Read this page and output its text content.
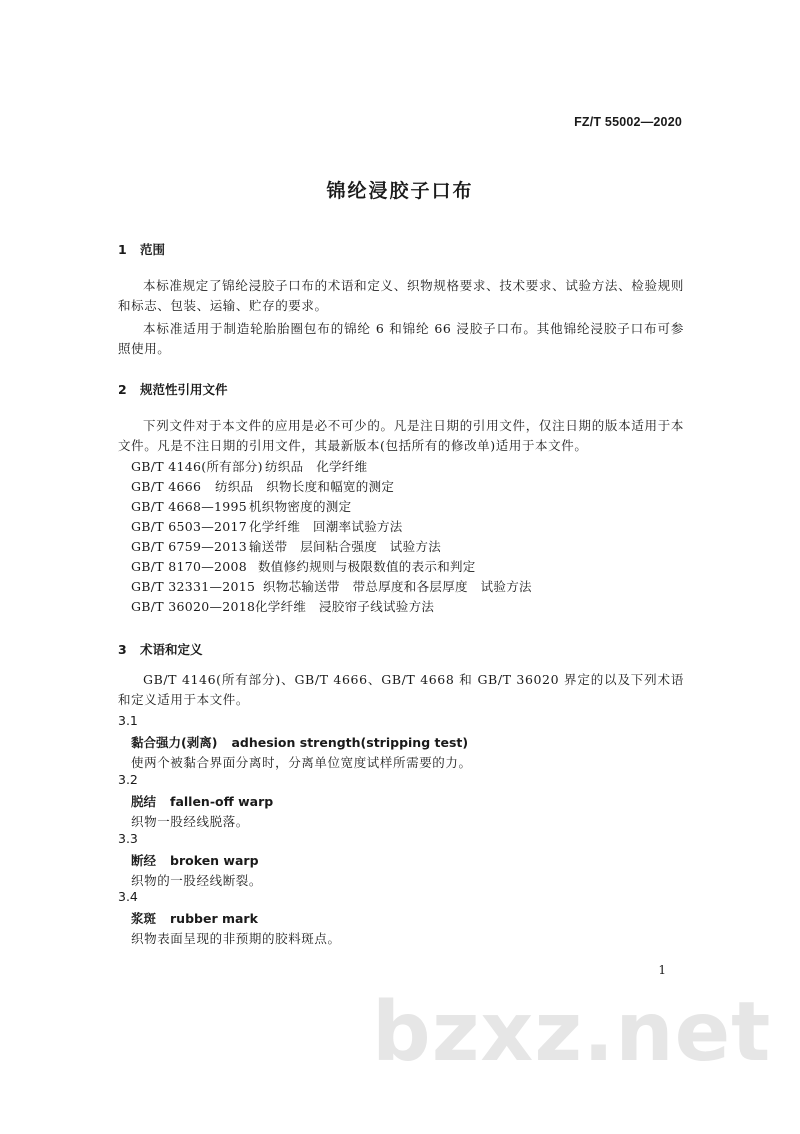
FZ/T 55002—2020
锦纶浸胶子口布
1 范围
本标准规定了锦纶浸胶子口布的术语和定义、织物规格要求、技术要求、试验方法、检验规则和标志、包装、运输、贮存的要求。
本标准适用于制造轮胎胎圈包布的锦纶 6 和锦纶 66 浸胶子口布。其他锦纶浸胶子口布可参照使用。
2 规范性引用文件
下列文件对于本文件的应用是必不可少的。凡是注日期的引用文件，仅注日期的版本适用于本文件。凡是不注日期的引用文件，其最新版本(包括所有的修改单)适用于本文件。
GB/T 4146(所有部分) 纺织品　化学纤维
GB/T 4666 纺织品　织物长度和幅宽的测定
GB/T 4668—1995 机织物密度的测定
GB/T 6503—2017 化学纤维　回潮率试验方法
GB/T 6759—2013 输送带　层间粘合强度　试验方法
GB/T 8170—2008 数值修约规则与极限数值的表示和判定
GB/T 32331—2015 织物芯输送带　带总厚度和各层厚度　试验方法
GB/T 36020—2018化学纤维　浸胶帘子线试验方法
3 术语和定义
GB/T 4146(所有部分)、GB/T 4666、GB/T 4668 和 GB/T 36020 界定的以及下列术语和定义适用于本文件。
3.1
黏合强力(剥离) adhesion strength(stripping test)
使两个被黏合界面分离时，分离单位宽度试样所需要的力。
3.2
脱结 fallen-off warp
织物一股经线脱落。
3.3
断经 broken warp
织物的一股经线断裂。
3.4
浆斑 rubber mark
织物表面呈现的非预期的胶料斑点。
1
bzxz.net
